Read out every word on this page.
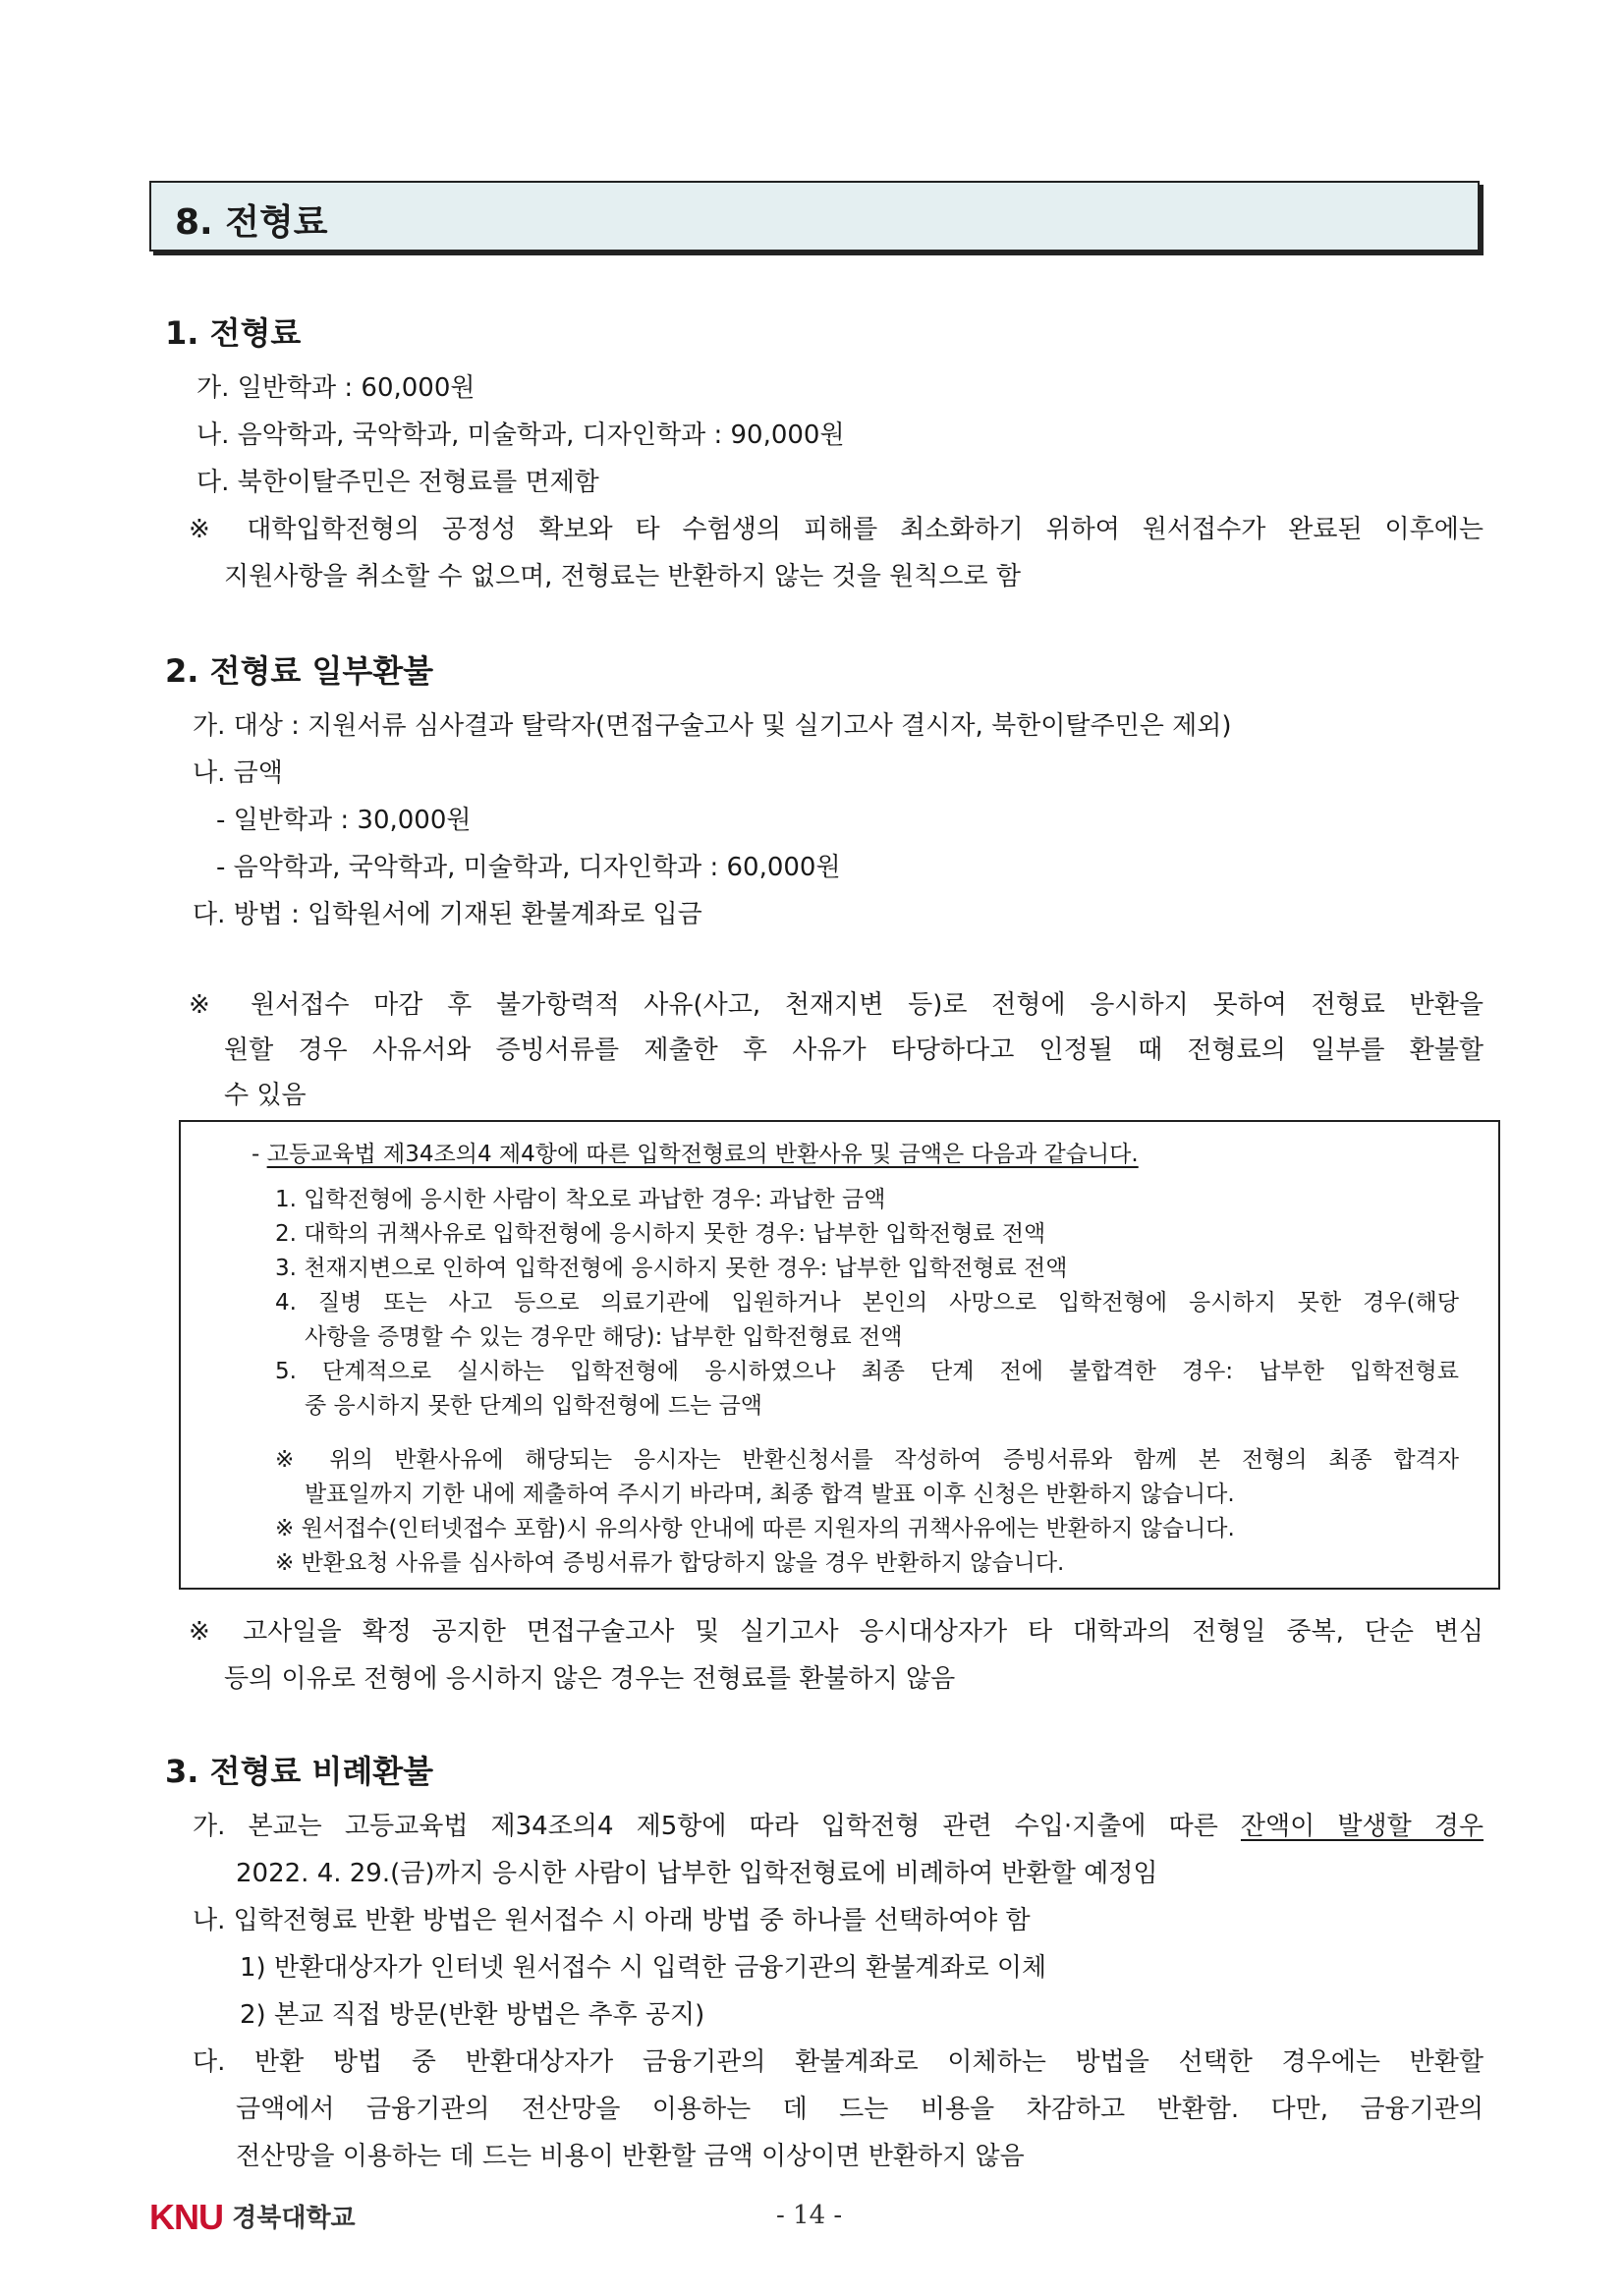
8. 전형료
1. 전형료
가. 일반학과 : 60,000원
나. 음악학과, 국악학과, 미술학과, 디자인학과 : 90,000원
다. 북한이탈주민은 전형료를 면제함
※ 대학입학전형의 공정성 확보와 타 수험생의 피해를 최소화하기 위하여 원서접수가 완료된 이후에는
지원사항을 취소할 수 없으며, 전형료는 반환하지 않는 것을 원칙으로 함
2. 전형료 일부환불
가. 대상 : 지원서류 심사결과 탈락자(면접구술고사 및 실기고사 결시자, 북한이탈주민은 제외)
나. 금액
- 일반학과 : 30,000원
- 음악학과, 국악학과, 미술학과, 디자인학과 : 60,000원
다. 방법 : 입학원서에 기재된 환불계좌로 입금
※ 원서접수 마감 후 불가항력적 사유(사고, 천재지변 등)로 전형에 응시하지 못하여 전형료 반환을
원할 경우 사유서와 증빙서류를 제출한 후 사유가 타당하다고 인정될 때 전형료의 일부를 환불할
수 있음
- 고등교육법 제34조의4 제4항에 따른 입학전형료의 반환사유 및 금액은 다음과 같습니다.
1. 입학전형에 응시한 사람이 착오로 과납한 경우: 과납한 금액
2. 대학의 귀책사유로 입학전형에 응시하지 못한 경우: 납부한 입학전형료 전액
3. 천재지변으로 인하여 입학전형에 응시하지 못한 경우: 납부한 입학전형료 전액
4. 질병 또는 사고 등으로 의료기관에 입원하거나 본인의 사망으로 입학전형에 응시하지 못한 경우(해당
사항을 증명할 수 있는 경우만 해당): 납부한 입학전형료 전액
5. 단계적으로 실시하는 입학전형에 응시하였으나 최종 단계 전에 불합격한 경우: 납부한 입학전형료
중 응시하지 못한 단계의 입학전형에 드는 금액
※ 위의 반환사유에 해당되는 응시자는 반환신청서를 작성하여 증빙서류와 함께 본 전형의 최종 합격자
발표일까지 기한 내에 제출하여 주시기 바라며, 최종 합격 발표 이후 신청은 반환하지 않습니다.
※ 원서접수(인터넷접수 포함)시 유의사항 안내에 따른 지원자의 귀책사유에는 반환하지 않습니다.
※ 반환요청 사유를 심사하여 증빙서류가 합당하지 않을 경우 반환하지 않습니다.
※ 고사일을 확정 공지한 면접구술고사 및 실기고사 응시대상자가 타 대학과의 전형일 중복, 단순 변심
등의 이유로 전형에 응시하지 않은 경우는 전형료를 환불하지 않음
3. 전형료 비례환불
가. 본교는 고등교육법 제34조의4 제5항에 따라 입학전형 관련 수입·지출에 따른 잔액이 발생할 경우
2022. 4. 29.(금)까지 응시한 사람이 납부한 입학전형료에 비례하여 반환할 예정임
나. 입학전형료 반환 방법은 원서접수 시 아래 방법 중 하나를 선택하여야 함
1) 반환대상자가 인터넷 원서접수 시 입력한 금융기관의 환불계좌로 이체
2) 본교 직접 방문(반환 방법은 추후 공지)
다. 반환 방법 중 반환대상자가 금융기관의 환불계좌로 이체하는 방법을 선택한 경우에는 반환할
금액에서 금융기관의 전산망을 이용하는 데 드는 비용을 차감하고 반환함. 다만, 금융기관의
전산망을 이용하는 데 드는 비용이 반환할 금액 이상이면 반환하지 않음
KNU 경북대학교	- 14 -
